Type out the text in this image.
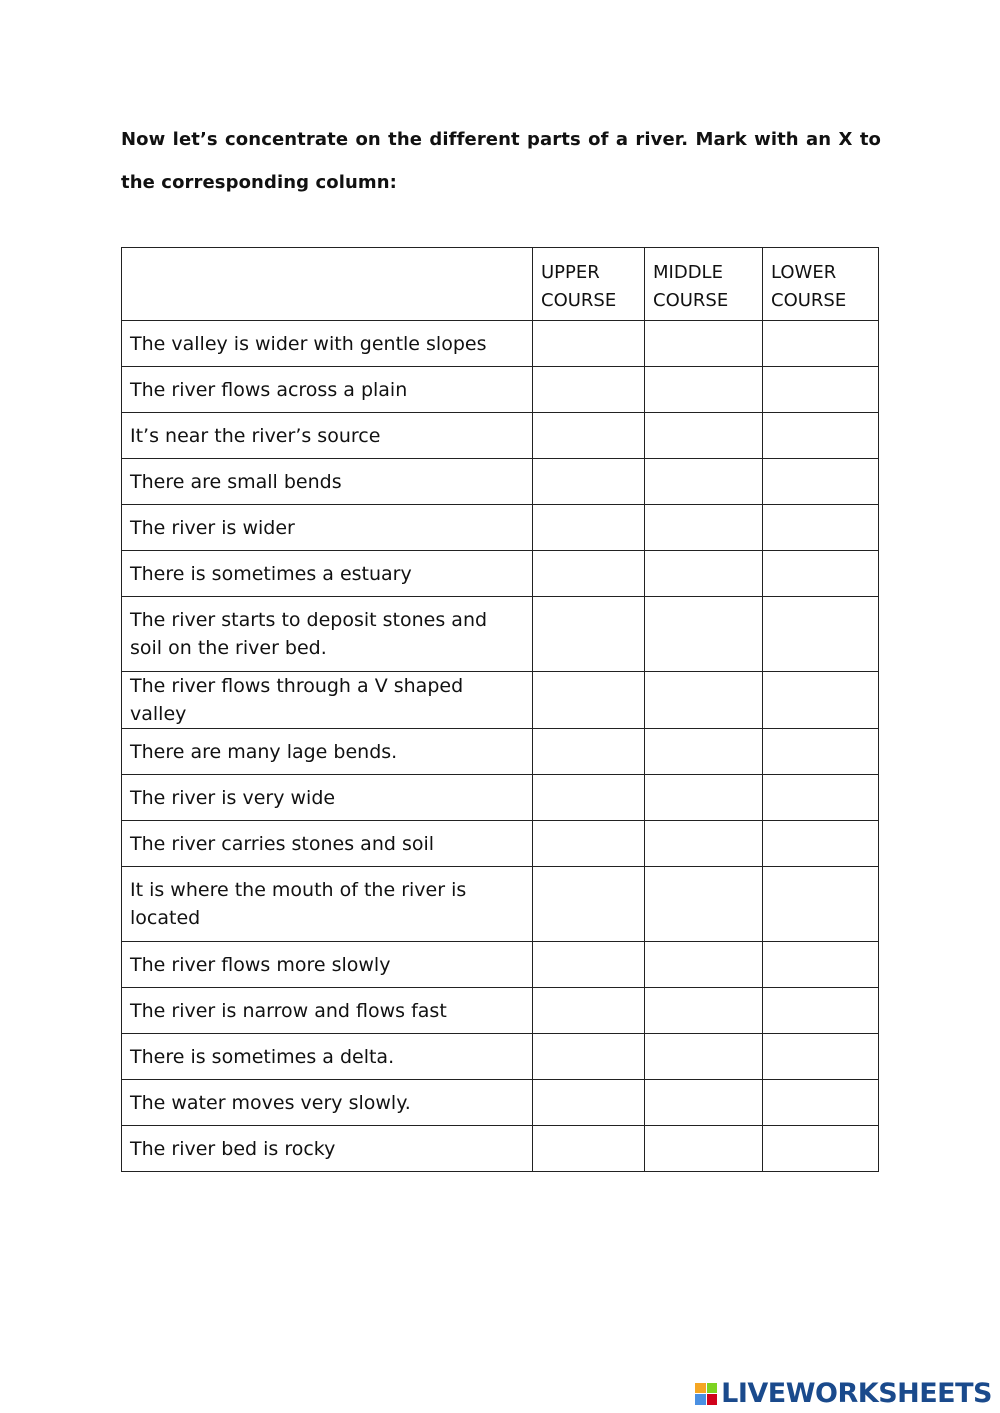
Now let’s concentrate on the different parts of a river. Mark with an X to the corresponding column:

	UPPER COURSE	MIDDLE COURSE	LOWER COURSE
The valley is wider with gentle slopes			
The river flows across a plain			
It’s near the river’s source			
There are small bends			
The river is wider			
There is sometimes a estuary			
The river starts to deposit stones and soil on the river bed.			
The river flows through a V shaped valley			
There are many lage bends.			
The river is very wide			
The river carries stones and soil			
It is where the mouth of the river is located			
The river flows more slowly			
The river is narrow and flows fast			
There is sometimes a delta.			
The water moves very slowly.			
The river bed is rocky			
LIVEWORKSHEETS
